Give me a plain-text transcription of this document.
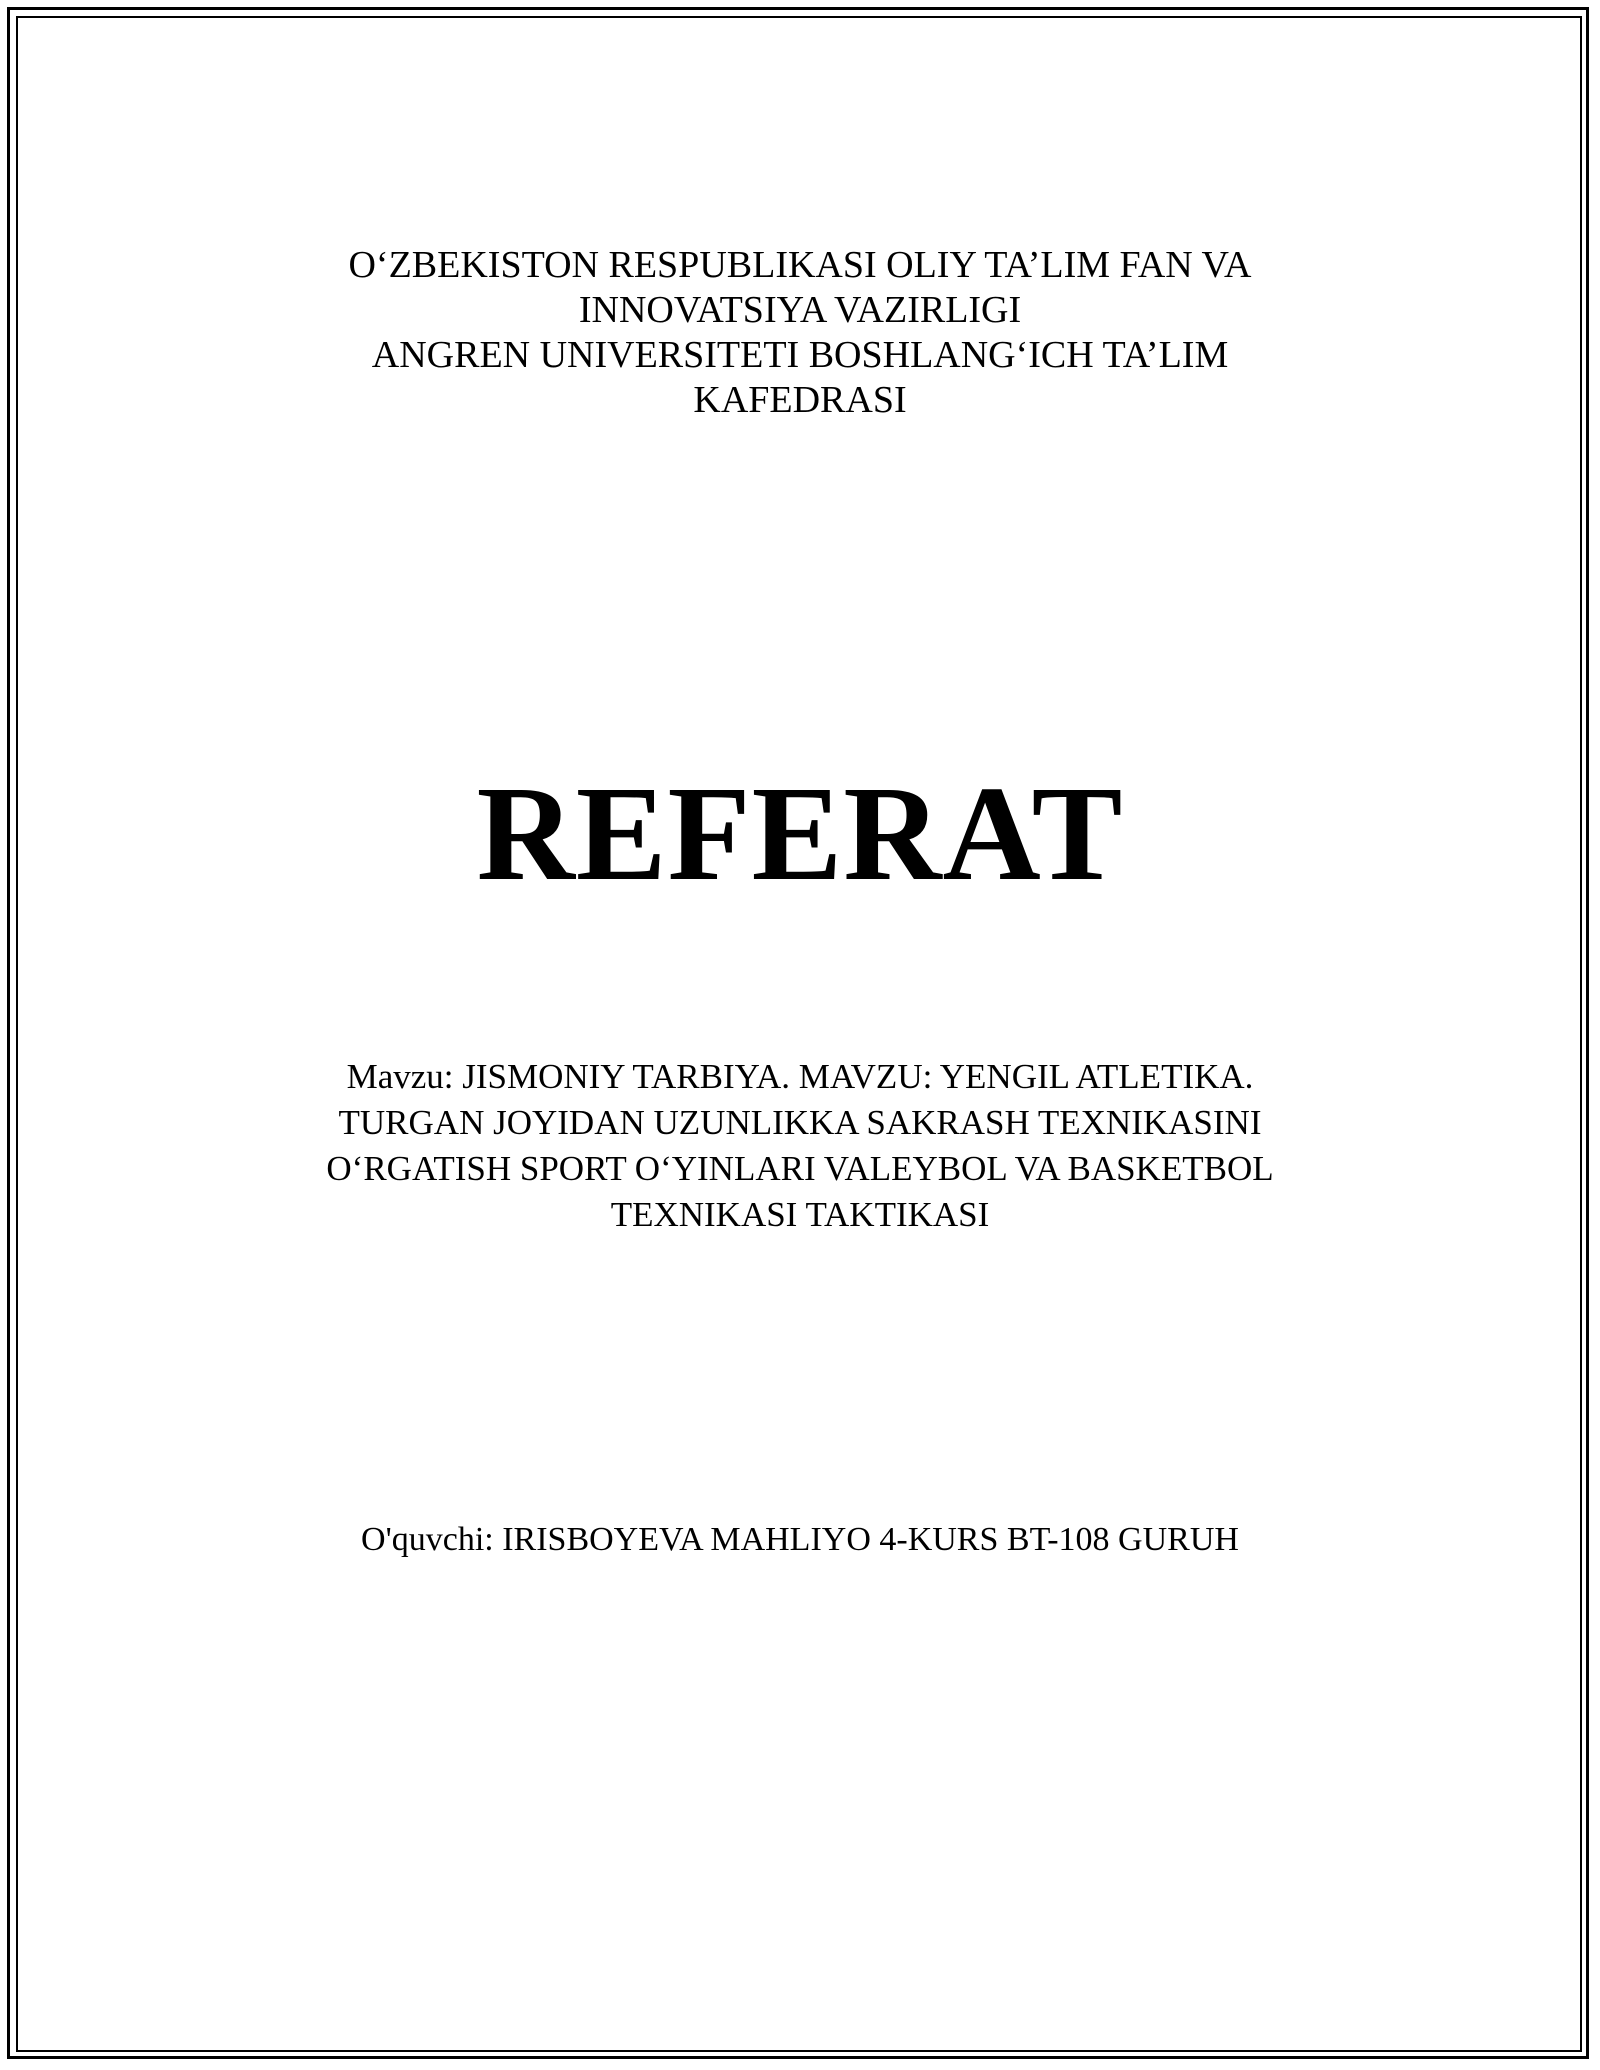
O‘ZBEKISTON RESPUBLIKASI OLIY TA’LIM FAN VA
INNOVATSIYA VAZIRLIGI
ANGREN UNIVERSITETI BOSHLANG‘ICH TA’LIM
KAFEDRASI
REFERAT
Mavzu: JISMONIY TARBIYA. MAVZU: YENGIL ATLETIKA.
TURGAN JOYIDAN UZUNLIKKA SAKRASH TEXNIKASINI
O‘RGATISH SPORT O‘YINLARI VALEYBOL VA BASKETBOL
TEXNIKASI TAKTIKASI
O'quvchi: IRISBOYEVA MAHLIYO 4-KURS BT-108 GURUH
